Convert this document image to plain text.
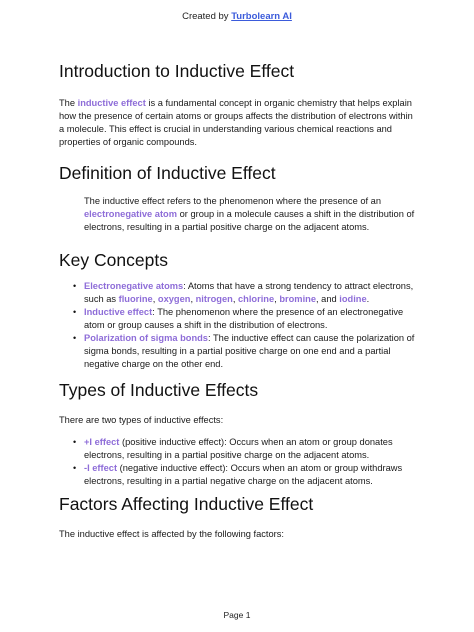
Created by Turbolearn AI
Introduction to Inductive Effect

The inductive effect is a fundamental concept in organic chemistry that helps explain how the presence of certain atoms or groups affects the distribution of electrons within a molecule. This effect is crucial in understanding various chemical reactions and properties of organic compounds.

Definition of Inductive Effect

The inductive effect refers to the phenomenon where the presence of an electronegative atom or group in a molecule causes a shift in the distribution of electrons, resulting in a partial positive charge on the adjacent atoms.

Key Concepts
• Electronegative atoms: Atoms that have a strong tendency to attract electrons, such as fluorine, oxygen, nitrogen, chlorine, bromine, and iodine.
• Inductive effect: The phenomenon where the presence of an electronegative atom or group causes a shift in the distribution of electrons.
• Polarization of sigma bonds: The inductive effect can cause the polarization of sigma bonds, resulting in a partial positive charge on one end and a partial negative charge on the other end.
Types of Inductive Effects

There are two types of inductive effects:

• +I effect (positive inductive effect): Occurs when an atom or group donates electrons, resulting in a partial positive charge on the adjacent atoms.
• -I effect (negative inductive effect): Occurs when an atom or group withdraws electrons, resulting in a partial negative charge on the adjacent atoms.
Factors Affecting Inductive Effect

The inductive effect is affected by the following factors:

Page 1
